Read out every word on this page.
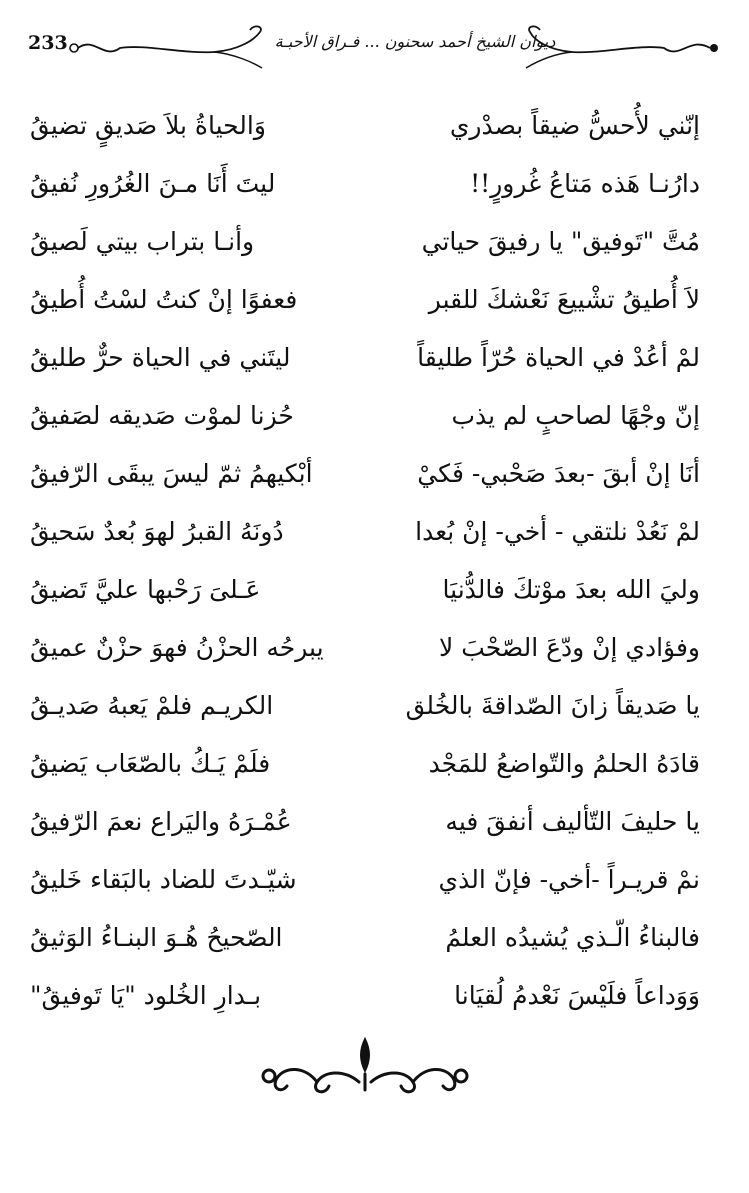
233	ديوان الشيخ أحمد سحنون ... فـراق الأحبـة
إنّني لأُحسُّ ضيقاً بصدْري
وَالحياةُ بلاَ صَديقٍ تضيقُ
دارُنـا هَذه مَتاعُ غُرورٍ!!
ليتَ أَنَا مـنَ الغُرُورِ نُفيقُ
مُتَّ "تَوفيق" يا رفيقَ حياتي
وأنـا بتراب بيتي لَصيقُ
لاَ أُطيقُ تشْييعَ نَعْشكَ للقبر
فعفوًا إنْ كنتُ لسْتُ أُطيقُ
لمْ أعُدْ في الحياة حُرّاً طليقاً
ليتَني في الحياة حرٌّ طليقُ
إنّ وجْهًا لصاحبٍ لم يذب
حُزنا لموْت صَديقه لصَفيقُ
أنَا إنْ أبقَ -بعدَ صَحْبي- فَكيْ
أبْكيهمُ ثمّ ليسَ يبقَى الرّفيقُ
لمْ نَعُدْ نلتقي - أخي- إنْ بُعدا
دُونَهُ القبرُ لهوَ بُعدٌ سَحيقُ
وليَ الله بعدَ موْتكَ فالدُّنيَا
عَـلىَ رَحْبها عليَّ تَضيقُ
وفؤادي إنْ ودّعَ الصّحْبَ لا
يبرحُه الحزْنُ فهوَ حزْنٌ عميقُ
يا صَديقاً زانَ الصّداقةَ بالخُلق
الكريـم فلمْ يَعبهُ صَديـقُ
قادَهُ الحلمُ والتّواضعُ للمَجْد
فلَمْ يَـكُ بالصّعَاب يَضيقُ
يا حليفَ التّأليف أنفقَ فيه
عُمْـرَهُ واليَراع نعمَ الرّفيقُ
نمْ قريـراً -أخي- فإنّ الذي
شيّـدتَ للضاد بالبَقاء خَليقُ
فالبناءُ الّـذي يُشيدُه العلمُ
الصّحيحُ هُـوَ البنـاءُ الوَثيقُ
وَوَداعاً فلَيْسَ نَعْدمُ لُقيَانا
بـدارِ الخُلود "يَا تَوفيقُ"
